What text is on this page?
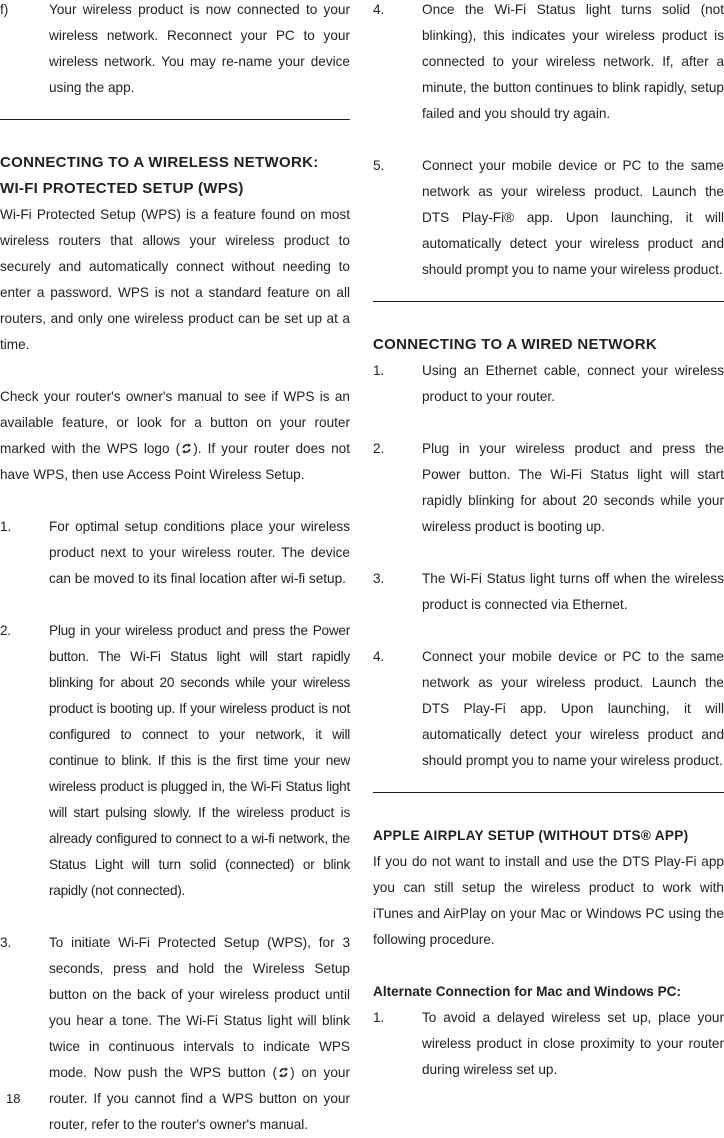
f)	Your wireless product is now connected to your wireless network. Reconnect your PC to your wireless network. You may re-name your device using the app.

CONNECTING TO A WIRELESS NETWORK:

WI-FI PROTECTED SETUP (WPS)

Wi-Fi Protected Setup (WPS) is a feature found on most wireless routers that allows your wireless product to securely and automatically connect without needing to enter a password. WPS is not a standard feature on all routers, and only one wireless product can be set up at a time.

Check your router's owner's manual to see if WPS is an available feature, or look for a button on your router marked with the WPS logo ( ). If your router does not have WPS, then use Access Point Wireless Setup.

1.	For optimal setup conditions place your wireless product next to your wireless router. The device can be moved to its final location after wi-fi setup.
2.	Plug in your wireless product and press the Power button. The Wi-Fi Status light will start rapidly blinking for about 20 seconds while your wireless product is booting up. If your wireless product is not configured to connect to your network, it will continue to blink. If this is the first time your new wireless product is plugged in, the Wi-Fi Status light will start pulsing slowly. If the wireless product is already configured to connect to a wi-fi network, the Status Light will turn solid (connected) or blink rapidly (not connected).
3.	To initiate Wi-Fi Protected Setup (WPS), for 3 seconds, press and hold the Wireless Setup button on the back of your wireless product until you hear a tone. The Wi-Fi Status light will blink twice in continuous intervals to indicate WPS mode. Now push the WPS button ( ) on your router. If you cannot find a WPS button on your router, refer to the router's owner's manual.
4.	Once the Wi-Fi Status light turns solid (not blinking), this indicates your wireless product is connected to your wireless network. If, after a minute, the button continues to blink rapidly, setup failed and you should try again.
5.	Connect your mobile device or PC to the same network as your wireless product. Launch the DTS Play-Fi® app. Upon launching, it will automatically detect your wireless product and should prompt you to name your wireless product.

CONNECTING TO A WIRED NETWORK

1.	Using an Ethernet cable, connect your wireless product to your router.
2.	Plug in your wireless product and press the Power button. The Wi-Fi Status light will start rapidly blinking for about 20 seconds while your wireless product is booting up.
3.	The Wi-Fi Status light turns off when the wireless product is connected via Ethernet.
4.	Connect your mobile device or PC to the same network as your wireless product. Launch the DTS Play-Fi app. Upon launching, it will automatically detect your wireless product and should prompt you to name your wireless product.

APPLE AIRPLAY SETUP (WITHOUT DTS® APP)

If you do not want to install and use the DTS Play-Fi app you can still setup the wireless product to work with iTunes and AirPlay on your Mac or Windows PC using the following procedure.

Alternate Connection for Mac and Windows PC:

1.	To avoid a delayed wireless set up, place your wireless product in close proximity to your router during wireless set up.
18
